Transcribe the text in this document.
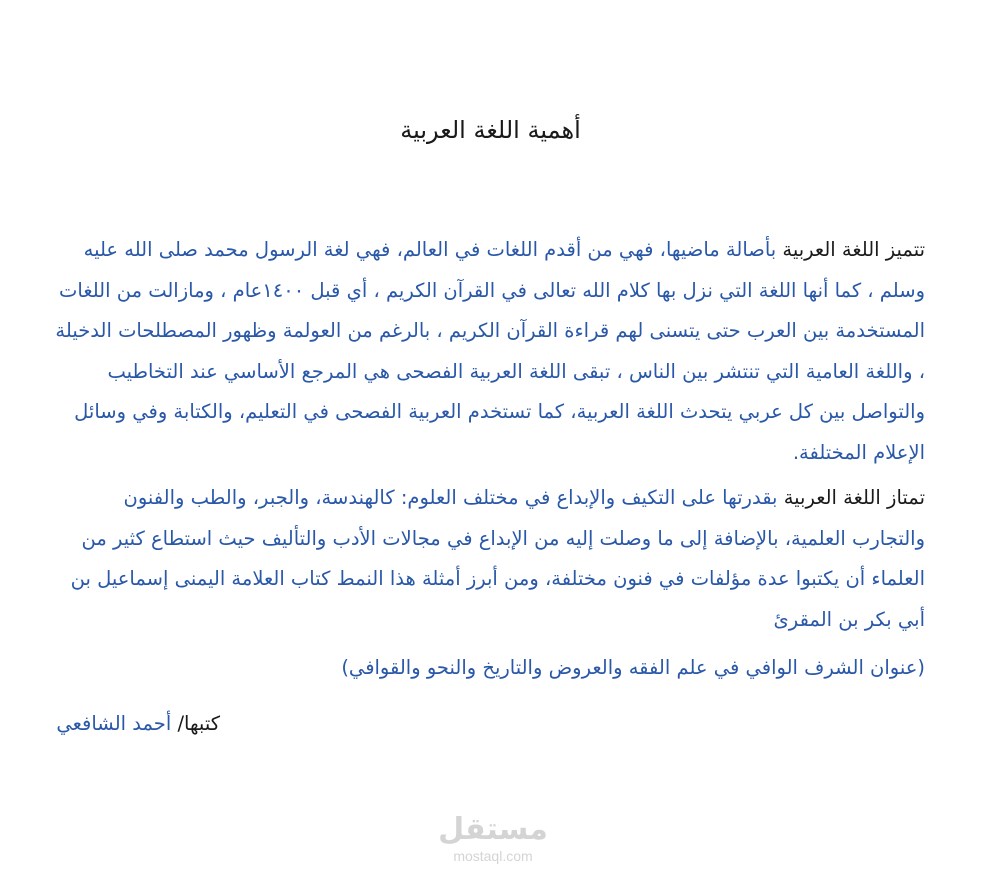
أهمية اللغة العربية

تتميز اللغة العربية بأصالة ماضيها، فهي من أقدم اللغات في العالم، فهي لغة الرسول محمد صلى الله عليه وسلم ، كما أنها اللغة التي نزل بها كلام الله تعالى في القرآن الكريم ، أي قبل ١٤٠٠عام ، ومازالت من اللغات المستخدمة بين العرب حتى يتسنى لهم قراءة القرآن الكريم ، بالرغم من العولمة وظهور المصطلحات الدخيلة ، واللغة العامية التي تنتشر بين الناس ، تبقى اللغة العربية الفصحى هي المرجع الأساسي عند التخاطيب والتواصل بين كل عربي يتحدث اللغة العربية، كما تستخدم العربية الفصحى في التعليم، والكتابة وفي وسائل الإعلام المختلفة.

تمتاز اللغة العربية بقدرتها على التكيف والإبداع في مختلف العلوم: كالهندسة، والجبر، والطب والفنون والتجارب العلمية، بالإضافة إلى ما وصلت إليه من الإبداع في مجالات الأدب والتأليف حيث استطاع كثير من العلماء أن يكتبوا عدة مؤلفات في فنون مختلفة، ومن أبرز أمثلة هذا النمط كتاب العلامة اليمنى إسماعيل بن أبي بكر بن المقرئ

(عنوان الشرف الوافي في علم الفقه والعروض والتاريخ والنحو والقوافي)

كتبها/ أحمد الشافعي
مستقل
mostaql.com
